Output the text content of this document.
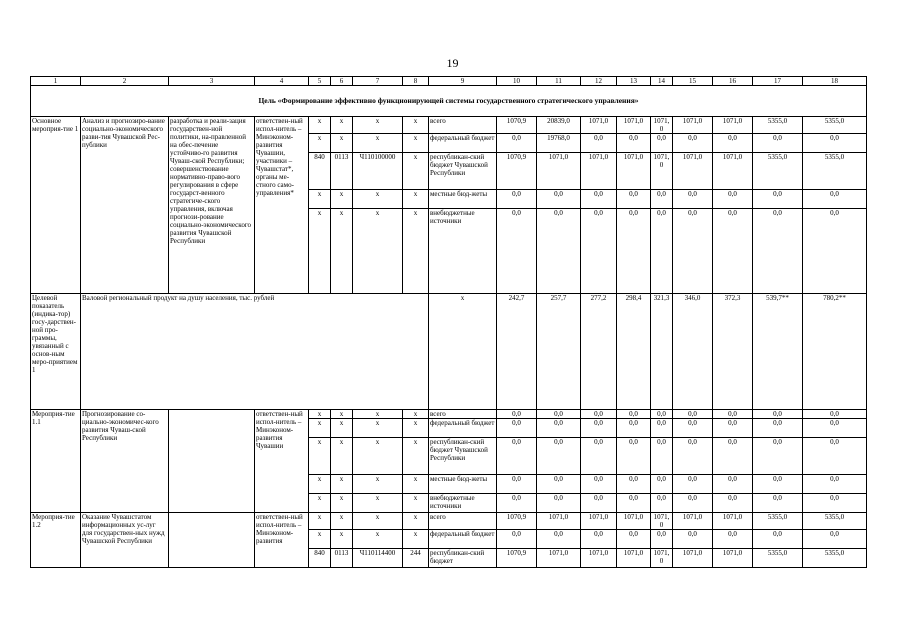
19
1	2	3	4	5	6	7	8	9	10	11	12	13	14	15	16	17	18
Цель «Формирование эффективно функционирующей системы государственного стратегического управления»																	
Основное мероприя-тие 1	Анализ и прогнозиро-вание социально-экономического разви-тия Чувашской Рес-публики	разработка и реали-зация государствен-ной политики, на-правленной на обес-печение устойчиво-го развития Чуваш-ской Республики; совершенствование нормативно-право-вого регулирования в сфере государст-венного стратегиче-ского управления, включая прогнози-рование социально-экономического развития Чувашской Республики	ответствен-ный испол-нитель – Минэконом-развития Чувашии, участники – Чувашстат*, органы ме-стного само-управления*	x	x	x	x	всего	1070,9	20839,0	1071,0	1071,0	1071,0	1071,0	1071,0	5355,0	5355,0
				x	x	x	x	федеральный бюджет	0,0	19768,0	0,0	0,0	0,0	0,0	0,0	0,0	0,0
				840	0113	Ч110100000	x	республикан-ский бюджет Чувашской Республики	1070,9	1071,0	1071,0	1071,0	1071,0	1071,0	1071,0	5355,0	5355,0
				x	x	x	x	местные бюд-жеты	0,0	0,0	0,0	0,0	0,0	0,0	0,0	0,0	0,0
				x	x	x	x	внебюджетные источники	0,0	0,0	0,0	0,0	0,0	0,0	0,0	0,0	0,0
Целевой показатель (индика-тор) госу-дарствен-ной про-граммы, увязанный с основ-ным меро-приятием 1	Валовой региональный продукт на душу населения, тыс. рублей							x	242,7	257,7	277,2	298,4	321,3	346,0	372,3	539,7**	780,2**
Мероприя-тие 1.1	Прогнозирование со-циально-экономичес-кого развития Чуваш-ской Республики		ответствен-ный испол-нитель – Минэконом-развития Чувашии	x	x	x	x	всего	0,0	0,0	0,0	0,0	0,0	0,0	0,0	0,0	0,0
				x	x	x	x	федеральный бюджет	0,0	0,0	0,0	0,0	0,0	0,0	0,0	0,0	0,0
				x	x	x	x	республикан-ский бюджет Чувашской Республики	0,0	0,0	0,0	0,0	0,0	0,0	0,0	0,0	0,0
				x	x	x	x	местные бюд-жеты	0,0	0,0	0,0	0,0	0,0	0,0	0,0	0,0	0,0
				x	x	x	x	внебюджетные источники	0,0	0,0	0,0	0,0	0,0	0,0	0,0	0,0	0,0
Мероприя-тие 1.2	Оказание Чувашстатом информационных ус-луг для государствен-ных нужд Чувашской Республики		ответствен-ный испол-нитель – Минэконом-развития	x	x	x	x	всего	1070,9	1071,0	1071,0	1071,0	1071,0	1071,0	1071,0	5355,0	5355,0
				x	x	x	x	федеральный бюджет	0,0	0,0	0,0	0,0	0,0	0,0	0,0	0,0	0,0
				840	0113	Ч110114400	244	республикан-ский бюджет	1070,9	1071,0	1071,0	1071,0	1071,0	1071,0	1071,0	5355,0	5355,0
